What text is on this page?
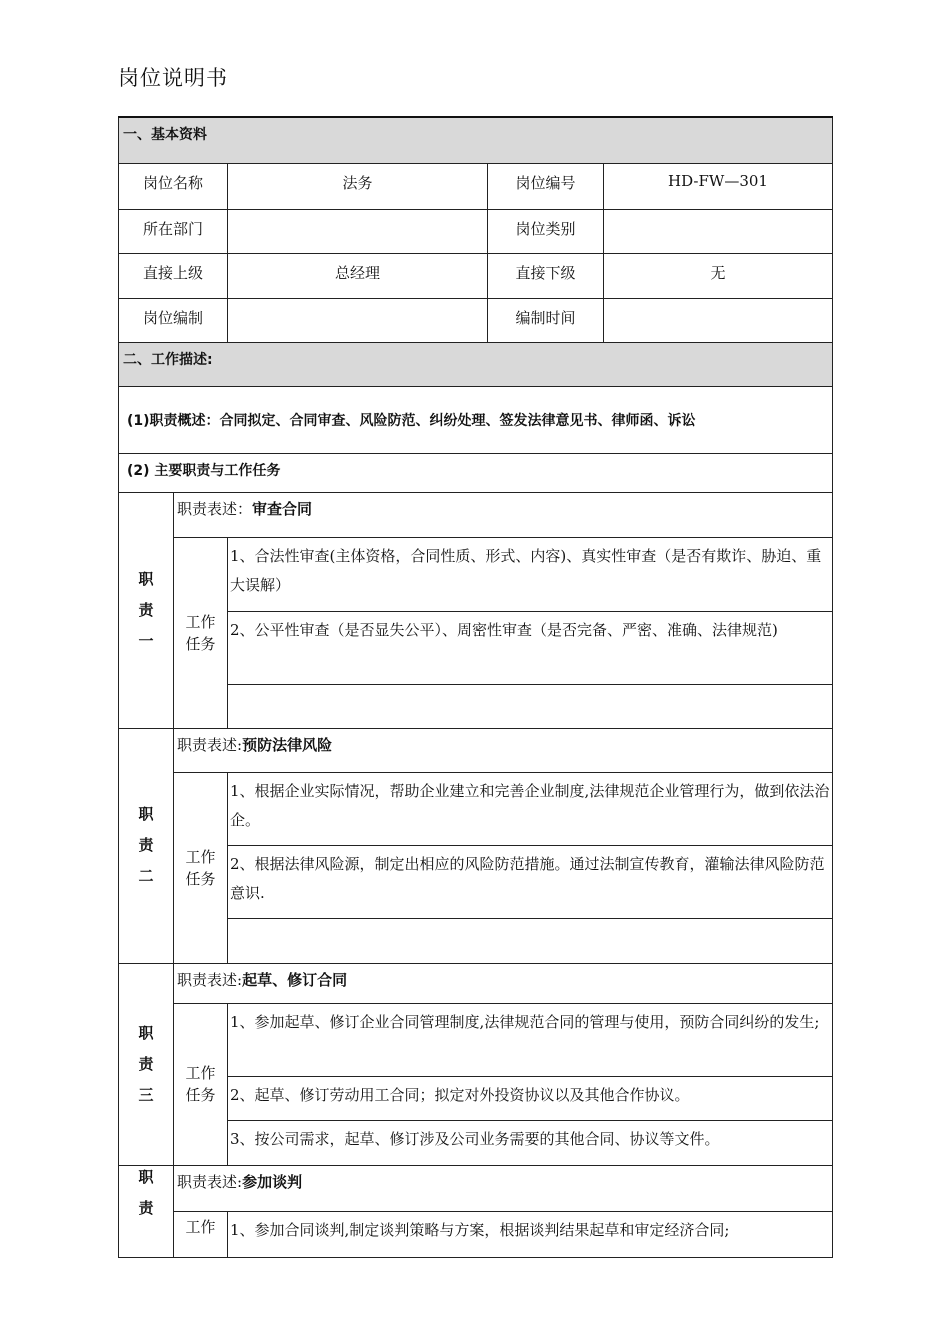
岗位说明书
一、基本资料				
岗位名称		法务	岗位编号	HD-FW—301
所在部门			岗位类别	
直接上级		总经理	直接下级	无
岗位编制			编制时间	
二、工作描述:				
(1)职责概述：合同拟定、合同审查、风险防范、纠纷处理、签发法律意见书、律师函、诉讼				
(2) 主要职责与工作任务				

职
责
一	职责表述：审查合同			

	工作
任务	1、合法性审查(主体资格，合同性质、形式、内容)、真实性审查（是否有欺诈、胁迫、重大误解）		
		2、公平性审查（是否显失公平）、周密性审查（是否完备、严密、准确、法律规范)		

职
责
二	职责表述:预防法律风险			

	工作
任务	1、根据企业实际情况，帮助企业建立和完善企业制度,法律规范企业管理行为，做到依法治企。		
		2、根据法律风险源，制定出相应的风险防范措施。通过法制宣传教育，灌输法律风险防范意识.		

职
责
三	职责表述:起草、修订合同			

	工作
任务	1、参加起草、修订企业合同管理制度,法律规范合同的管理与使用，预防合同纠纷的发生;		
		2、起草、修订劳动用工合同；拟定对外投资协议以及其他合作协议。		
		3、按公司需求，起草、修订涉及公司业务需要的其他合同、协议等文件。		

职
责	职责表述:参加谈判			
	工作	1、参加合同谈判,制定谈判策略与方案，根据谈判结果起草和审定经济合同;		
